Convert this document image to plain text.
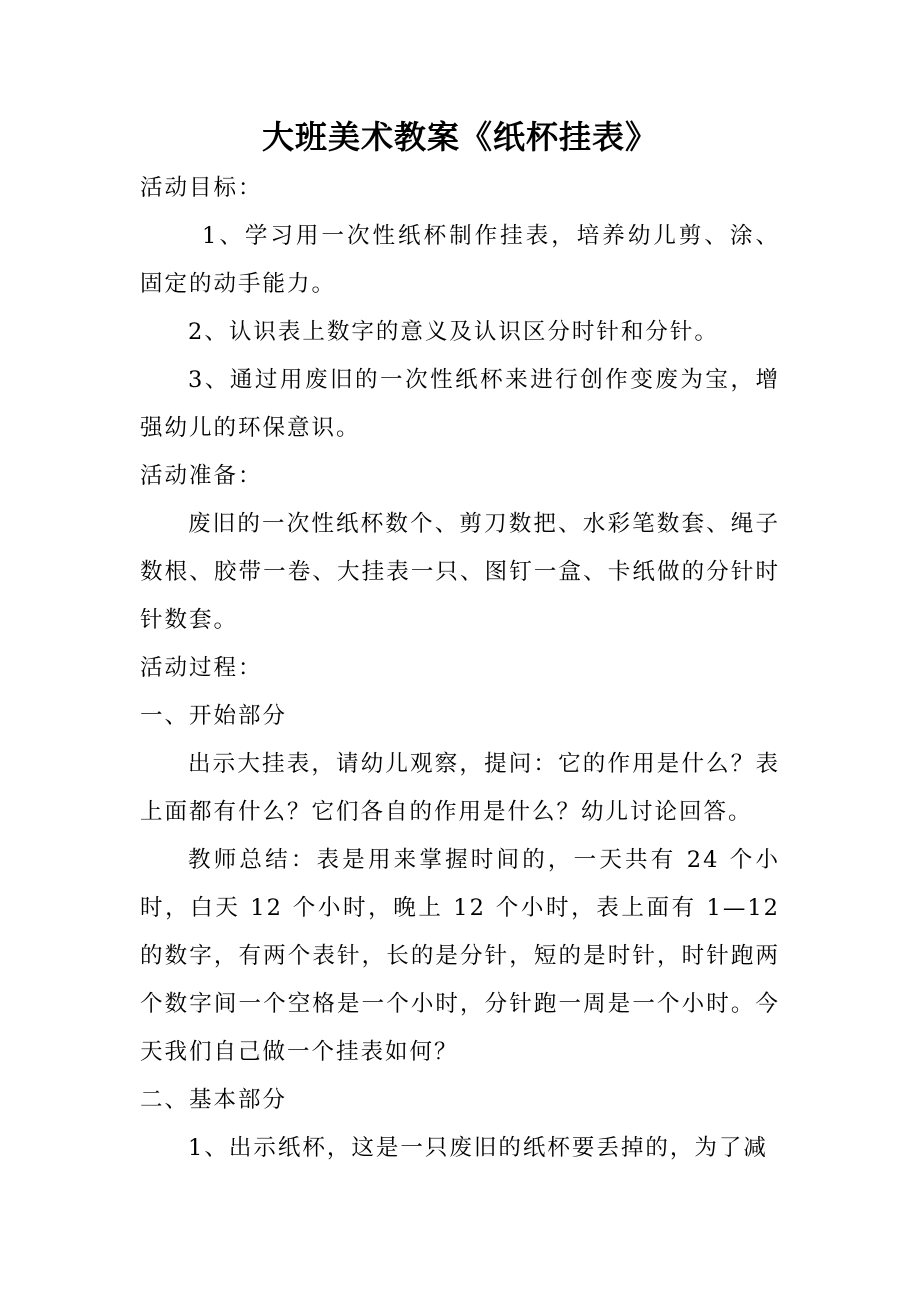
大班美术教案《纸杯挂表》

活动目标：

1、学习用一次性纸杯制作挂表，培养幼儿剪、涂、固定的动手能力。

2、认识表上数字的意义及认识区分时针和分针。

3、通过用废旧的一次性纸杯来进行创作变废为宝，增强幼儿的环保意识。

活动准备：

废旧的一次性纸杯数个、剪刀数把、水彩笔数套、绳子数根、胶带一卷、大挂表一只、图钉一盒、卡纸做的分针时针数套。

活动过程：

一、开始部分

出示大挂表，请幼儿观察，提问：它的作用是什么？表上面都有什么？它们各自的作用是什么？幼儿讨论回答。

教师总结：表是用来掌握时间的，一天共有 24 个小时，白天 12 个小时，晚上 12 个小时，表上面有 1—12 的数字，有两个表针，长的是分针，短的是时针，时针跑两个数字间一个空格是一个小时，分针跑一周是一个小时。今天我们自己做一个挂表如何？

二、基本部分

1、出示纸杯，这是一只废旧的纸杯要丢掉的，为了减
